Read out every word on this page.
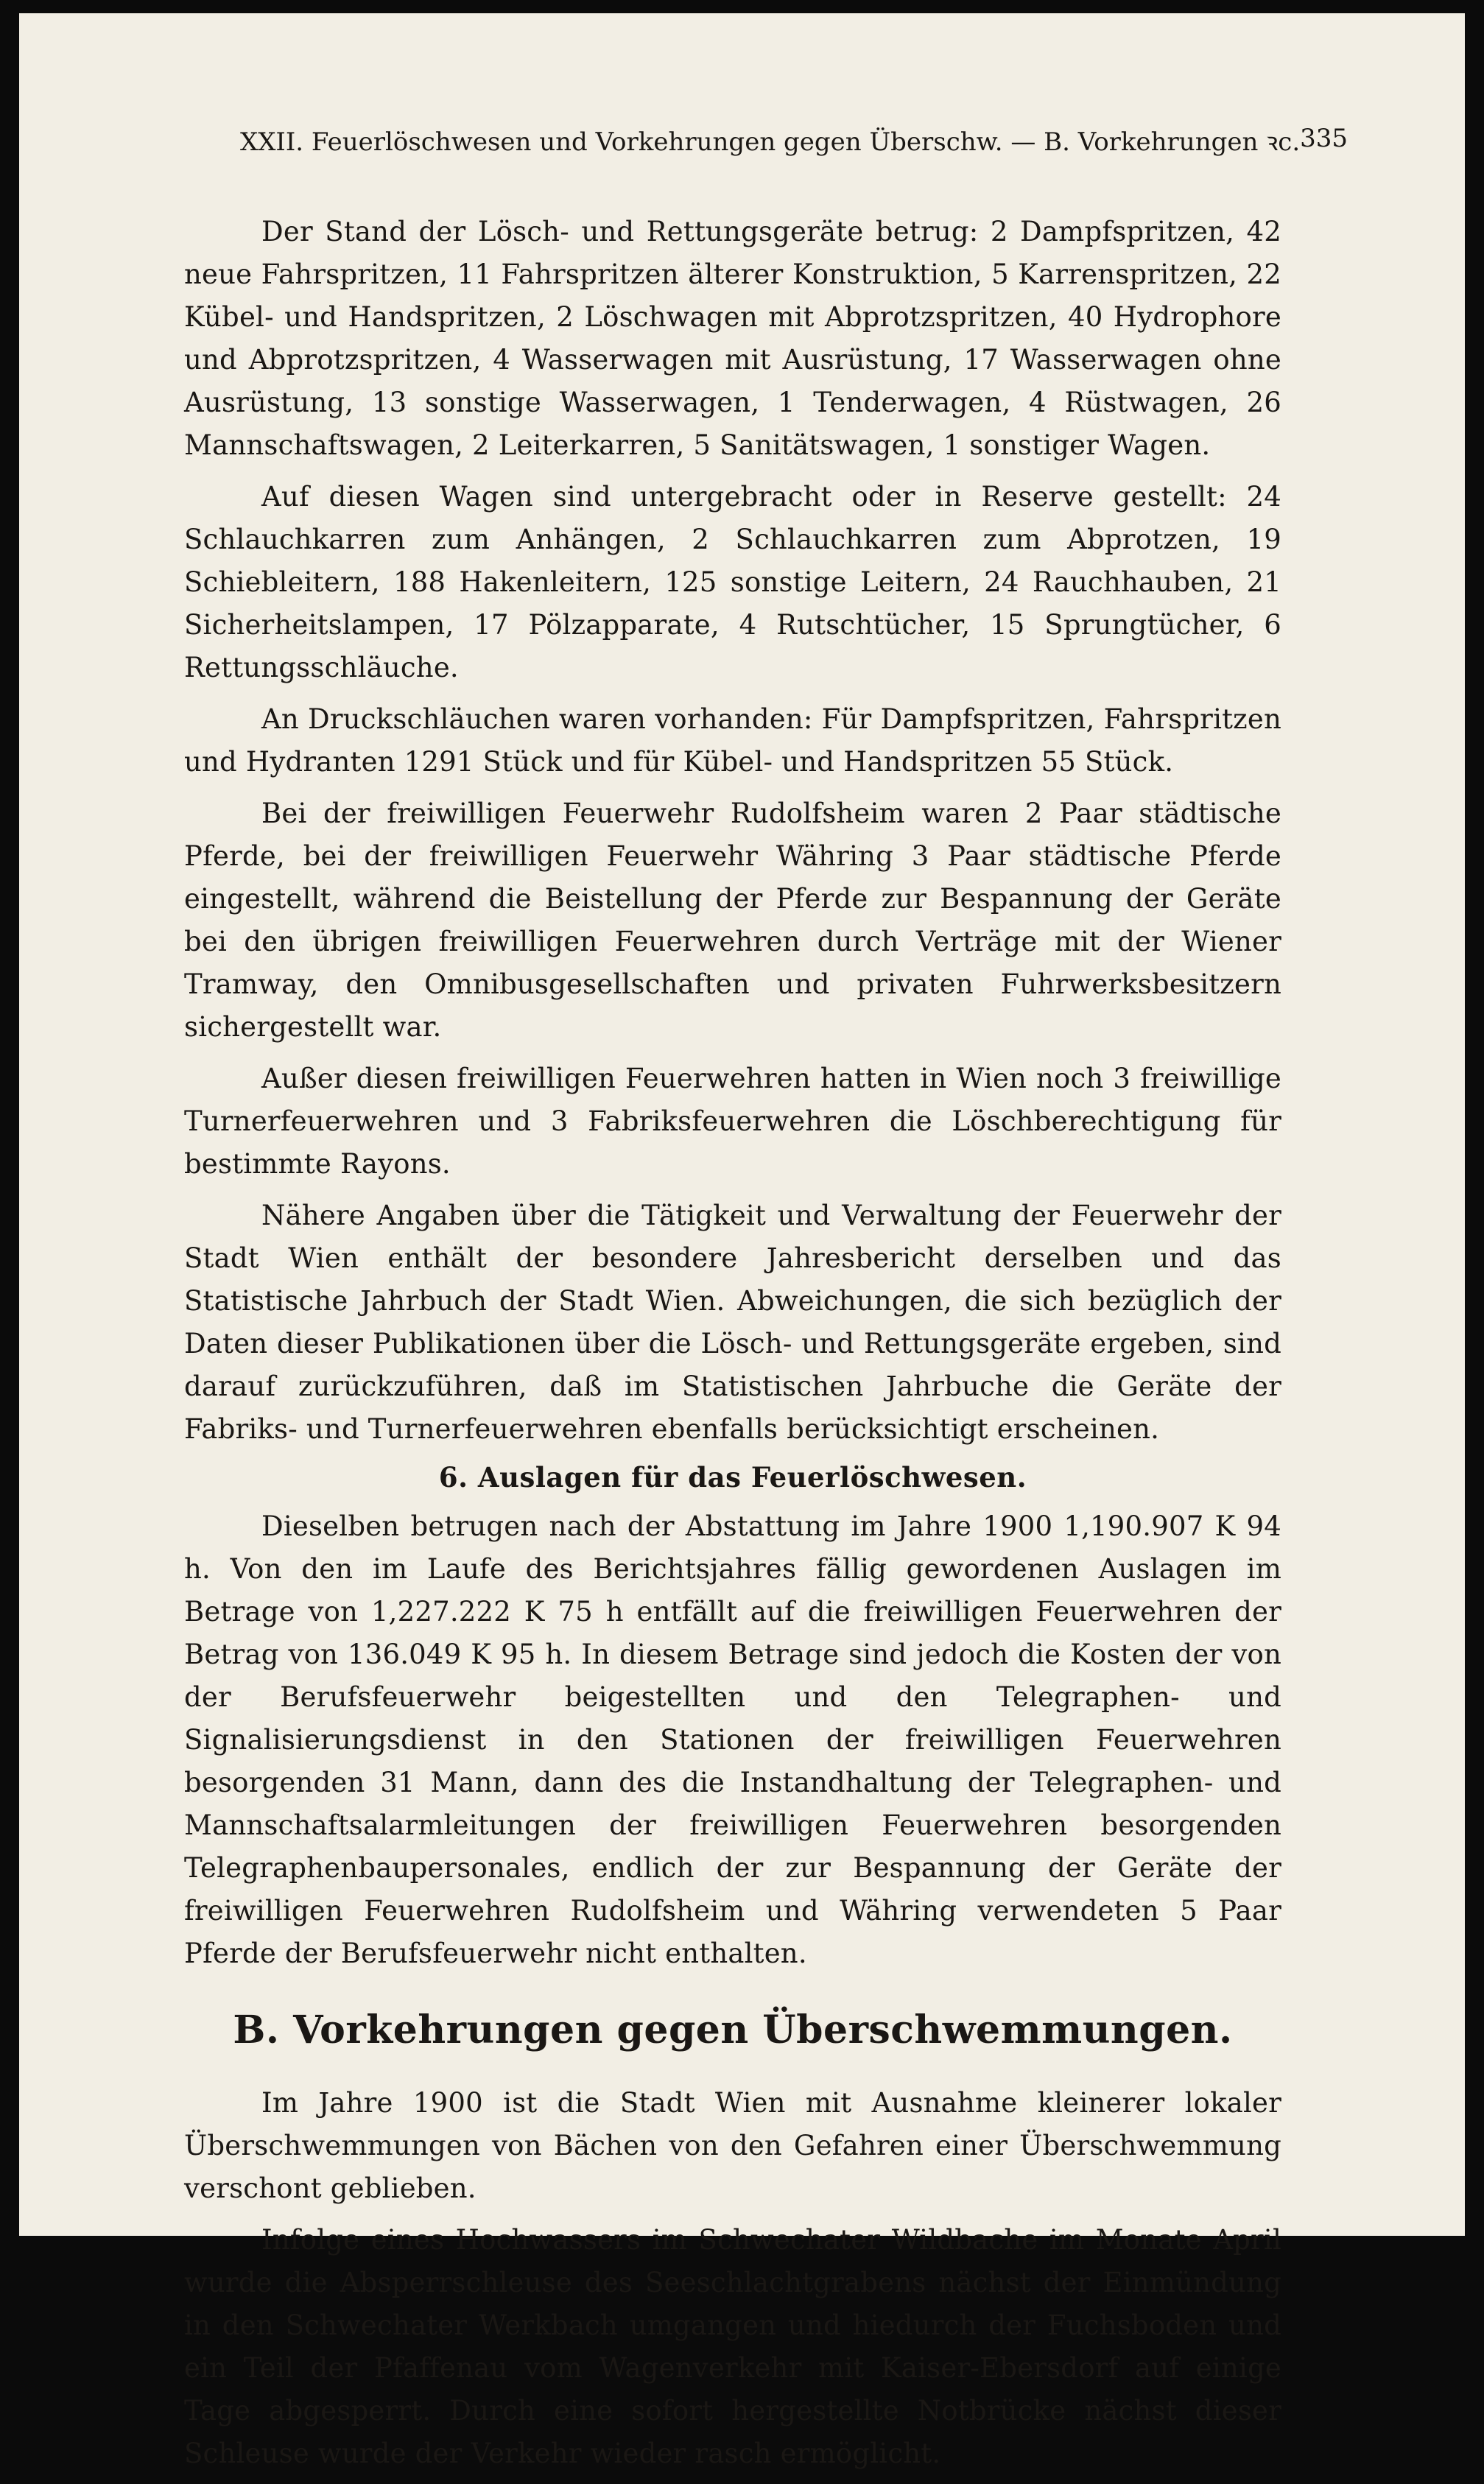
XXII. Feuerlöschwesen und Vorkehrungen gegen Überschw. — B. Vorkehrungen ꝛc. 335

Der Stand der Lösch- und Rettungsgeräte betrug: 2 Dampfspritzen, 42 neue Fahrspritzen, 11 Fahrspritzen älterer Konstruktion, 5 Karrenspritzen, 22 Kübel- und Handspritzen, 2 Löschwagen mit Abprotzspritzen, 40 Hydrophore und Abprotzspritzen, 4 Wasserwagen mit Ausrüstung, 17 Wasserwagen ohne Ausrüstung, 13 sonstige Wasserwagen, 1 Tenderwagen, 4 Rüstwagen, 26 Mannschaftswagen, 2 Leiterkarren, 5 Sanitätswagen, 1 sonstiger Wagen.

Auf diesen Wagen sind untergebracht oder in Reserve gestellt: 24 Schlauchkarren zum Anhängen, 2 Schlauchkarren zum Abprotzen, 19 Schiebleitern, 188 Hakenleitern, 125 sonstige Leitern, 24 Rauchhauben, 21 Sicherheitslampen, 17 Pölzapparate, 4 Rutschtücher, 15 Sprungtücher, 6 Rettungsschläuche.

An Druckschläuchen waren vorhanden: Für Dampfspritzen, Fahrspritzen und Hydranten 1291 Stück und für Kübel- und Handspritzen 55 Stück.

Bei der freiwilligen Feuerwehr Rudolfsheim waren 2 Paar städtische Pferde, bei der freiwilligen Feuerwehr Währing 3 Paar städtische Pferde eingestellt, während die Beistellung der Pferde zur Bespannung der Geräte bei den übrigen freiwilligen Feuerwehren durch Verträge mit der Wiener Tramway, den Omnibusgesellschaften und privaten Fuhrwerksbesitzern sichergestellt war.

Außer diesen freiwilligen Feuerwehren hatten in Wien noch 3 freiwillige Turnerfeuerwehren und 3 Fabriksfeuerwehren die Löschberechtigung für bestimmte Rayons.

Nähere Angaben über die Tätigkeit und Verwaltung der Feuerwehr der Stadt Wien enthält der besondere Jahresbericht derselben und das Statistische Jahrbuch der Stadt Wien. Abweichungen, die sich bezüglich der Daten dieser Publikationen über die Lösch- und Rettungsgeräte ergeben, sind darauf zurückzuführen, daß im Statistischen Jahrbuche die Geräte der Fabriks- und Turnerfeuerwehren ebenfalls berücksichtigt erscheinen.

6. Auslagen für das Feuerlöschwesen.

Dieselben betrugen nach der Abstattung im Jahre 1900 1,190.907 K 94 h. Von den im Laufe des Berichtsjahres fällig gewordenen Auslagen im Betrage von 1,227.222 K 75 h entfällt auf die freiwilligen Feuerwehren der Betrag von 136.049 K 95 h. In diesem Betrage sind jedoch die Kosten der von der Berufsfeuerwehr beigestellten und den Telegraphen- und Signalisierungsdienst in den Stationen der freiwilligen Feuerwehren besorgenden 31 Mann, dann des die Instandhaltung der Telegraphen- und Mannschaftsalarmleitungen der freiwilligen Feuerwehren besorgenden Telegraphenbaupersonales, endlich der zur Bespannung der Geräte der freiwilligen Feuerwehren Rudolfsheim und Währing verwendeten 5 Paar Pferde der Berufsfeuerwehr nicht enthalten.

B. Vorkehrungen gegen Überschwemmungen.

Im Jahre 1900 ist die Stadt Wien mit Ausnahme kleinerer lokaler Überschwemmungen von Bächen von den Gefahren einer Überschwemmung verschont geblieben.

Infolge eines Hochwassers im Schwechater Wildbache im Monate April wurde die Absperrschleuse des Seeschlachtgrabens nächst der Einmündung in den Schwechater Werkbach umgangen und hiedurch der Fuchsboden und ein Teil der Pfaffenau vom Wagenverkehr mit Kaiser-Ebersdorf auf einige Tage abgesperrt. Durch eine sofort hergestellte Notbrücke nächst dieser Schleuse wurde der Verkehr wieder rasch ermöglicht.
